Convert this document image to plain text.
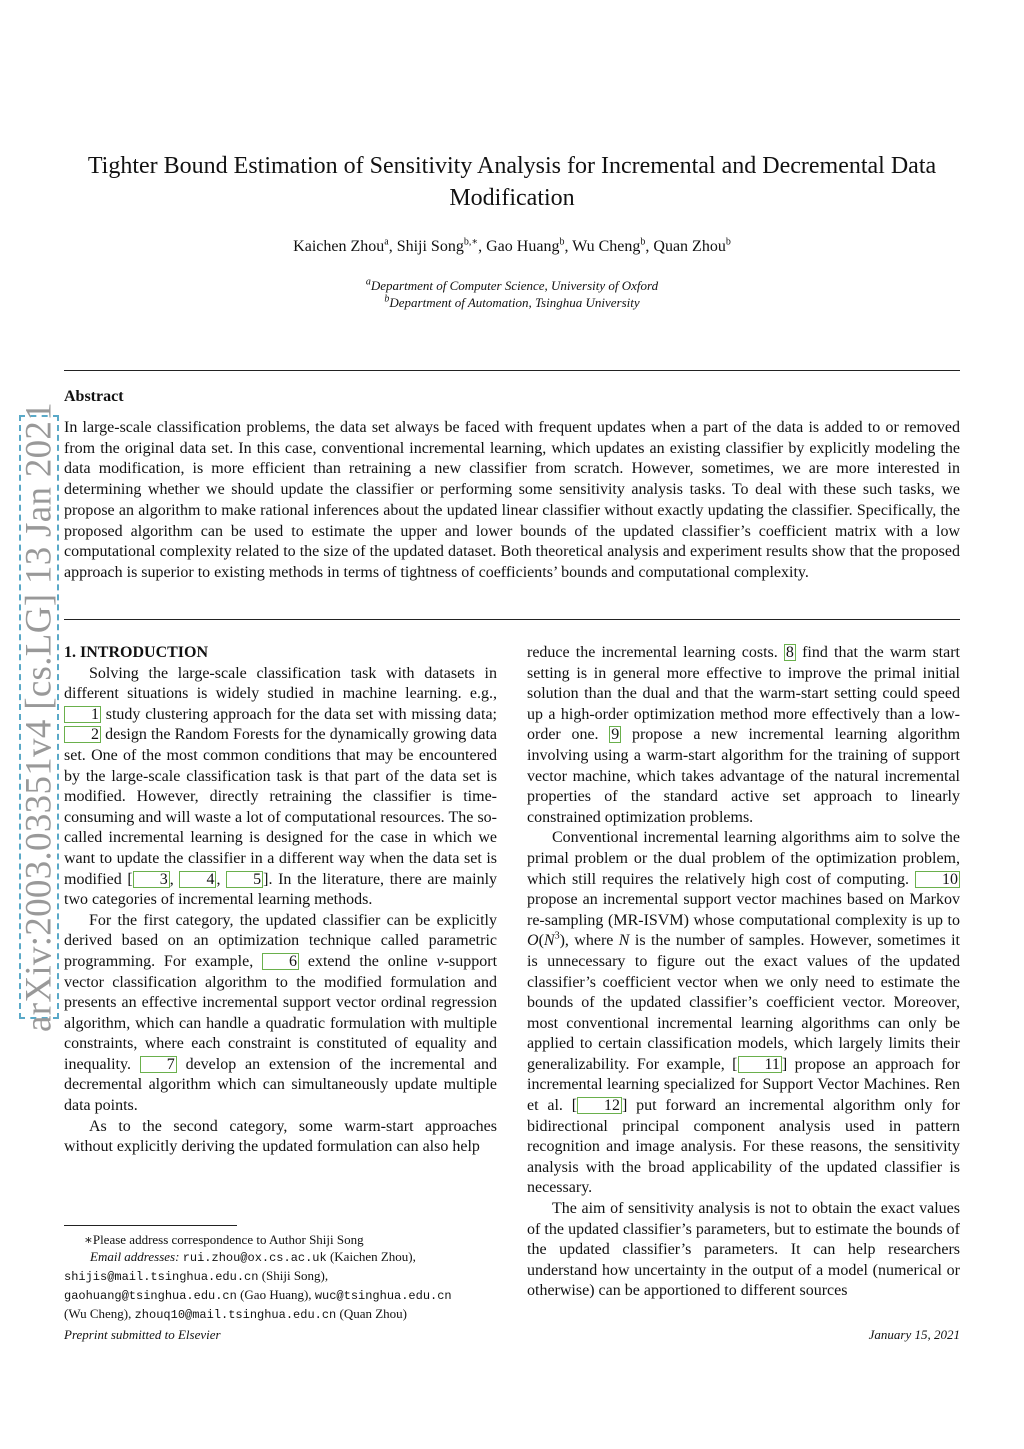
Tighter Bound Estimation of Sensitivity Analysis for Incremental and Decremental Data Modification
Kaichen Zhou$^a$, Shiji Song$^{b,∗}$, Gao Huang$^b$, Wu Cheng$^b$, Quan Zhou$^b$
$^a$Department of Computer Science, University of Oxford
$^b$Department of Automation, Tsinghua University
Abstract
In large-scale classification problems, the data set always be faced with frequent updates when a part of the data is added to or removed from the original data set. In this case, conventional incremental learning, which updates an existing classifier by explicitly modeling the data modification, is more efficient than retraining a new classifier from scratch. However, sometimes, we are more interested in determining whether we should update the classifier or performing some sensitivity analysis tasks. To deal with these such tasks, we propose an algorithm to make rational inferences about the updated linear classifier without exactly updating the classifier. Specifically, the proposed algorithm can be used to estimate the upper and lower bounds of the updated classifier’s coefficient matrix with a low computational complexity related to the size of the updated dataset. Both theoretical analysis and experiment results show that the proposed approach is superior to existing methods in terms of tightness of coefficients’ bounds and computational complexity.

1. INTRODUCTION

Solving the large-scale classification task with datasets in different situations is widely studied in machine learning. e.g., 1 study clustering approach for the data set with missing data; 2 design the Random Forests for the dynamically growing data set. One of the most common conditions that may be encountered by the large-scale classification task is that part of the data set is modified. However, directly retraining the classifier is time-consuming and will waste a lot of computational resources. The so-called incremental learning is designed for the case in which we want to update the classifier in a different way when the data set is modified [ 3 , 4 , 5 ]. In the literature, there are mainly two categories of incremental learning methods.

For the first category, the updated classifier can be explicitly derived based on an optimization technique called parametric programming. For example, 6 extend the online ν-support vector classification algorithm to the modified formulation and presents an effective incremental support vector ordinal regression algorithm, which can handle a quadratic formulation with multiple constraints, where each constraint is constituted of equality and inequality. 7 develop an extension of the incremental and decremental algorithm which can simultaneously update multiple data points.

As to the second category, some warm-start approaches without explicitly deriving the updated formulation can also help

reduce the incremental learning costs. 8 find that the warm start setting is in general more effective to improve the primal initial solution than the dual and that the warm-start setting could speed up a high-order optimization method more effectively than a low-order one. 9 propose a new incremental learning algorithm involving using a warm-start algorithm for the training of support vector machine, which takes advantage of the natural incremental properties of the standard active set approach to linearly constrained optimization problems.

Conventional incremental learning algorithms aim to solve the primal problem or the dual problem of the optimization problem, which still requires the relatively high cost of computing. 10 propose an incremental support vector machines based on Markov re-sampling (MR-ISVM) whose computational complexity is up to $O(N^3)$, where N is the number of samples. However, sometimes it is unnecessary to figure out the exact values of the updated classifier’s coefficient vector when we only need to estimate the bounds of the updated classifier’s coefficient vector. Moreover, most conventional incremental learning algorithms can only be applied to certain classification models, which largely limits their generalizability. For example, [ 11 ] propose an approach for incremental learning specialized for Support Vector Machines. Ren et al. [ 12 ] put forward an incremental algorithm only for bidirectional principal component analysis used in pattern recognition and image analysis. For these reasons, the sensitivity analysis with the broad applicability of the updated classifier is necessary.

The aim of sensitivity analysis is not to obtain the exact values of the updated classifier’s parameters, but to estimate the bounds of the updated classifier’s parameters. It can help researchers understand how uncertainty in the output of a model (numerical or otherwise) can be apportioned to different sources

∗Please address correspondence to Author Shiji Song
Email addresses: rui.zhou@ox.cs.ac.uk (Kaichen Zhou),
shijis@mail.tsinghua.edu.cn (Shiji Song),
gaohuang@tsinghua.edu.cn (Gao Huang), wuc@tsinghua.edu.cn
(Wu Cheng), zhouq10@mail.tsinghua.edu.cn (Quan Zhou)
Preprint submitted to Elsevier	January 15, 2021
arXiv:2003.03351v4 [cs.LG] 13 Jan 2021
